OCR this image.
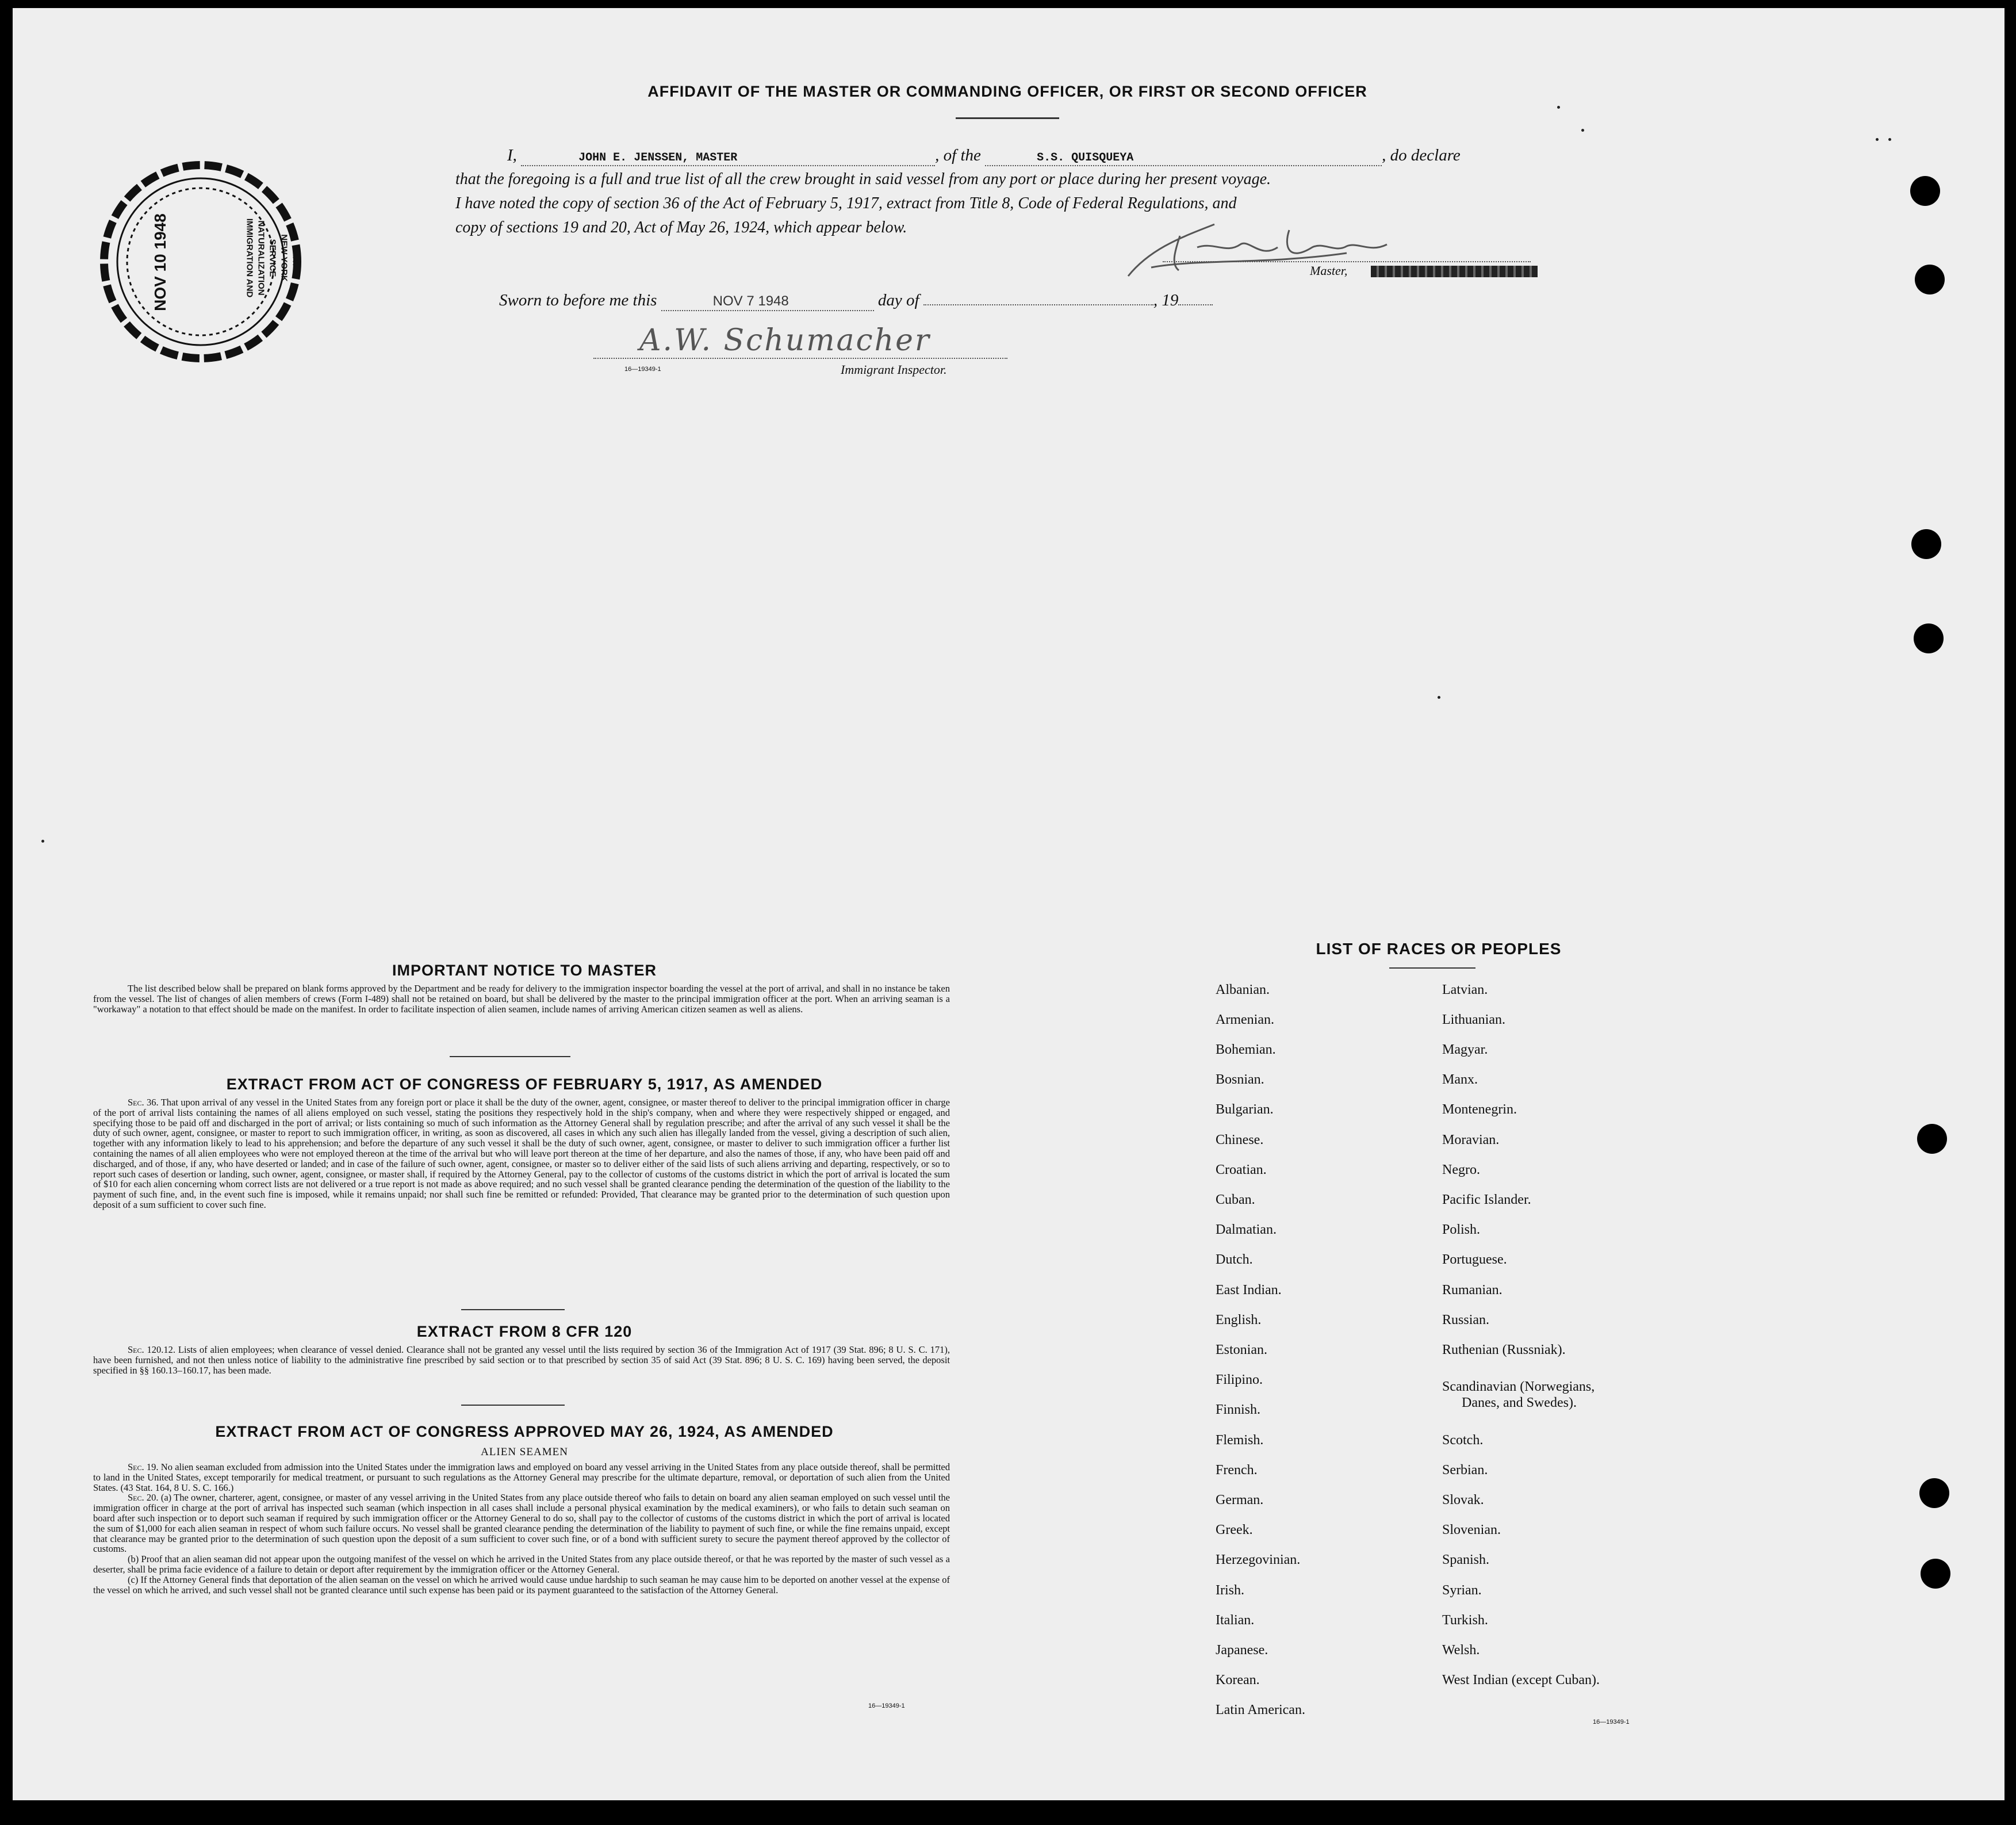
AFFIDAVIT OF THE MASTER OR COMMANDING OFFICER, OR FIRST OR SECOND OFFICER
I,	JOHN E. JENSSEN, MASTER	, of the	S.S. QUISQUEYA	, do declare
that the foregoing is a full and true list of all the crew brought in said vessel from any port or place during her present voyage.
I have noted the copy of section 36 of the Act of February 5, 1917, extract from Title 8, Code of Federal Regulations, and
copy of sections 19 and 20, Act of May 26, 1924, which appear below.
Master,
Sworn to before me this	NOV 7 1948	day of	, 19
A.W. Schumacher
Immigrant Inspector.
16—19349-1
NOV 10 1948	IMMIGRATION AND NATURALIZATION SERVICE NEW YORK N.Y.
IMPORTANT NOTICE TO MASTER
The list described below shall be prepared on blank forms approved by the Department and be ready for delivery to the immigration inspector boarding the vessel at the port of arrival, and shall in no instance be taken from the vessel. The list of changes of alien members of crews (Form I-489) shall not be retained on board, but shall be delivered by the master to the principal immigration officer at the port. When an arriving seaman is a "workaway" a notation to that effect should be made on the manifest. In order to facilitate inspection of alien seamen, include names of arriving American citizen seamen as well as aliens.
EXTRACT FROM ACT OF CONGRESS OF FEBRUARY 5, 1917, AS AMENDED
Sec. 36. That upon arrival of any vessel in the United States from any foreign port or place it shall be the duty of the owner, agent, consignee, or master thereof to deliver to the principal immigration officer in charge of the port of arrival lists containing the names of all aliens employed on such vessel, stating the positions they respectively hold in the ship's company, when and where they were respectively shipped or engaged, and specifying those to be paid off and discharged in the port of arrival; or lists containing so much of such information as the Attorney General shall by regulation prescribe; and after the arrival of any such vessel it shall be the duty of such owner, agent, consignee, or master to report to such immigration officer, in writing, as soon as discovered, all cases in which any such alien has illegally landed from the vessel, giving a description of such alien, together with any information likely to lead to his apprehension; and before the departure of any such vessel it shall be the duty of such owner, agent, consignee, or master to deliver to such immigration officer a further list containing the names of all alien employees who were not employed thereon at the time of the arrival but who will leave port thereon at the time of her departure, and also the names of those, if any, who have been paid off and discharged, and of those, if any, who have deserted or landed; and in case of the failure of such owner, agent, consignee, or master so to deliver either of the said lists of such aliens arriving and departing, respectively, or so to report such cases of desertion or landing, such owner, agent, consignee, or master shall, if required by the Attorney General, pay to the collector of customs of the customs district in which the port of arrival is located the sum of $10 for each alien concerning whom correct lists are not delivered or a true report is not made as above required; and no such vessel shall be granted clearance pending the determination of the question of the liability to the payment of such fine, and, in the event such fine is imposed, while it remains unpaid; nor shall such fine be remitted or refunded: Provided, That clearance may be granted prior to the determination of such question upon deposit of a sum sufficient to cover such fine.
EXTRACT FROM 8 CFR 120
Sec. 120.12. Lists of alien employees; when clearance of vessel denied. Clearance shall not be granted any vessel until the lists required by section 36 of the Immigration Act of 1917 (39 Stat. 896; 8 U. S. C. 171), have been furnished, and not then unless notice of liability to the administrative fine prescribed by said section or to that prescribed by section 35 of said Act (39 Stat. 896; 8 U. S. C. 169) having been served, the deposit specified in §§ 160.13–160.17, has been made.
EXTRACT FROM ACT OF CONGRESS APPROVED MAY 26, 1924, AS AMENDED
ALIEN SEAMEN
Sec. 19. No alien seaman excluded from admission into the United States under the immigration laws and employed on board any vessel arriving in the United States from any place outside thereof, shall be permitted to land in the United States, except temporarily for medical treatment, or pursuant to such regulations as the Attorney General may prescribe for the ultimate departure, removal, or deportation of such alien from the United States. (43 Stat. 164, 8 U. S. C. 166.)
Sec. 20. (a) The owner, charterer, agent, consignee, or master of any vessel arriving in the United States from any place outside thereof who fails to detain on board any alien seaman employed on such vessel until the immigration officer in charge at the port of arrival has inspected such seaman (which inspection in all cases shall include a personal physical examination by the medical examiners), or who fails to detain such seaman on board after such inspection or to deport such seaman if required by such immigration officer or the Attorney General to do so, shall pay to the collector of customs of the customs district in which the port of arrival is located the sum of $1,000 for each alien seaman in respect of whom such failure occurs. No vessel shall be granted clearance pending the determination of the liability to payment of such fine, or while the fine remains unpaid, except that clearance may be granted prior to the determination of such question upon the deposit of a sum sufficient to cover such fine, or of a bond with sufficient surety to secure the payment thereof approved by the collector of customs.
(b) Proof that an alien seaman did not appear upon the outgoing manifest of the vessel on which he arrived in the United States from any place outside thereof, or that he was reported by the master of such vessel as a deserter, shall be prima facie evidence of a failure to detain or deport after requirement by the immigration officer or the Attorney General.
(c) If the Attorney General finds that deportation of the alien seaman on the vessel on which he arrived would cause undue hardship to such seaman he may cause him to be deported on another vessel at the expense of the vessel on which he arrived, and such vessel shall not be granted clearance until such expense has been paid or its payment guaranteed to the satisfaction of the Attorney General.
16—19349-1
LIST OF RACES OR PEOPLES
Albanian.
Armenian.
Bohemian.
Bosnian.
Bulgarian.
Chinese.
Croatian.
Cuban.
Dalmatian.
Dutch.
East Indian.
English.
Estonian.
Filipino.
Finnish.
Flemish.
French.
German.
Greek.
Herzegovinian.
Irish.
Italian.
Japanese.
Korean.
Latin American.
Latvian.
Lithuanian.
Magyar.
Manx.
Montenegrin.
Moravian.
Negro.
Pacific Islander.
Polish.
Portuguese.
Rumanian.
Russian.
Ruthenian (Russniak).
Scandinavian (Norwegians,
Danes, and Swedes).
Scotch.
Serbian.
Slovak.
Slovenian.
Spanish.
Syrian.
Turkish.
Welsh.
West Indian (except Cuban).
16—19349-1
